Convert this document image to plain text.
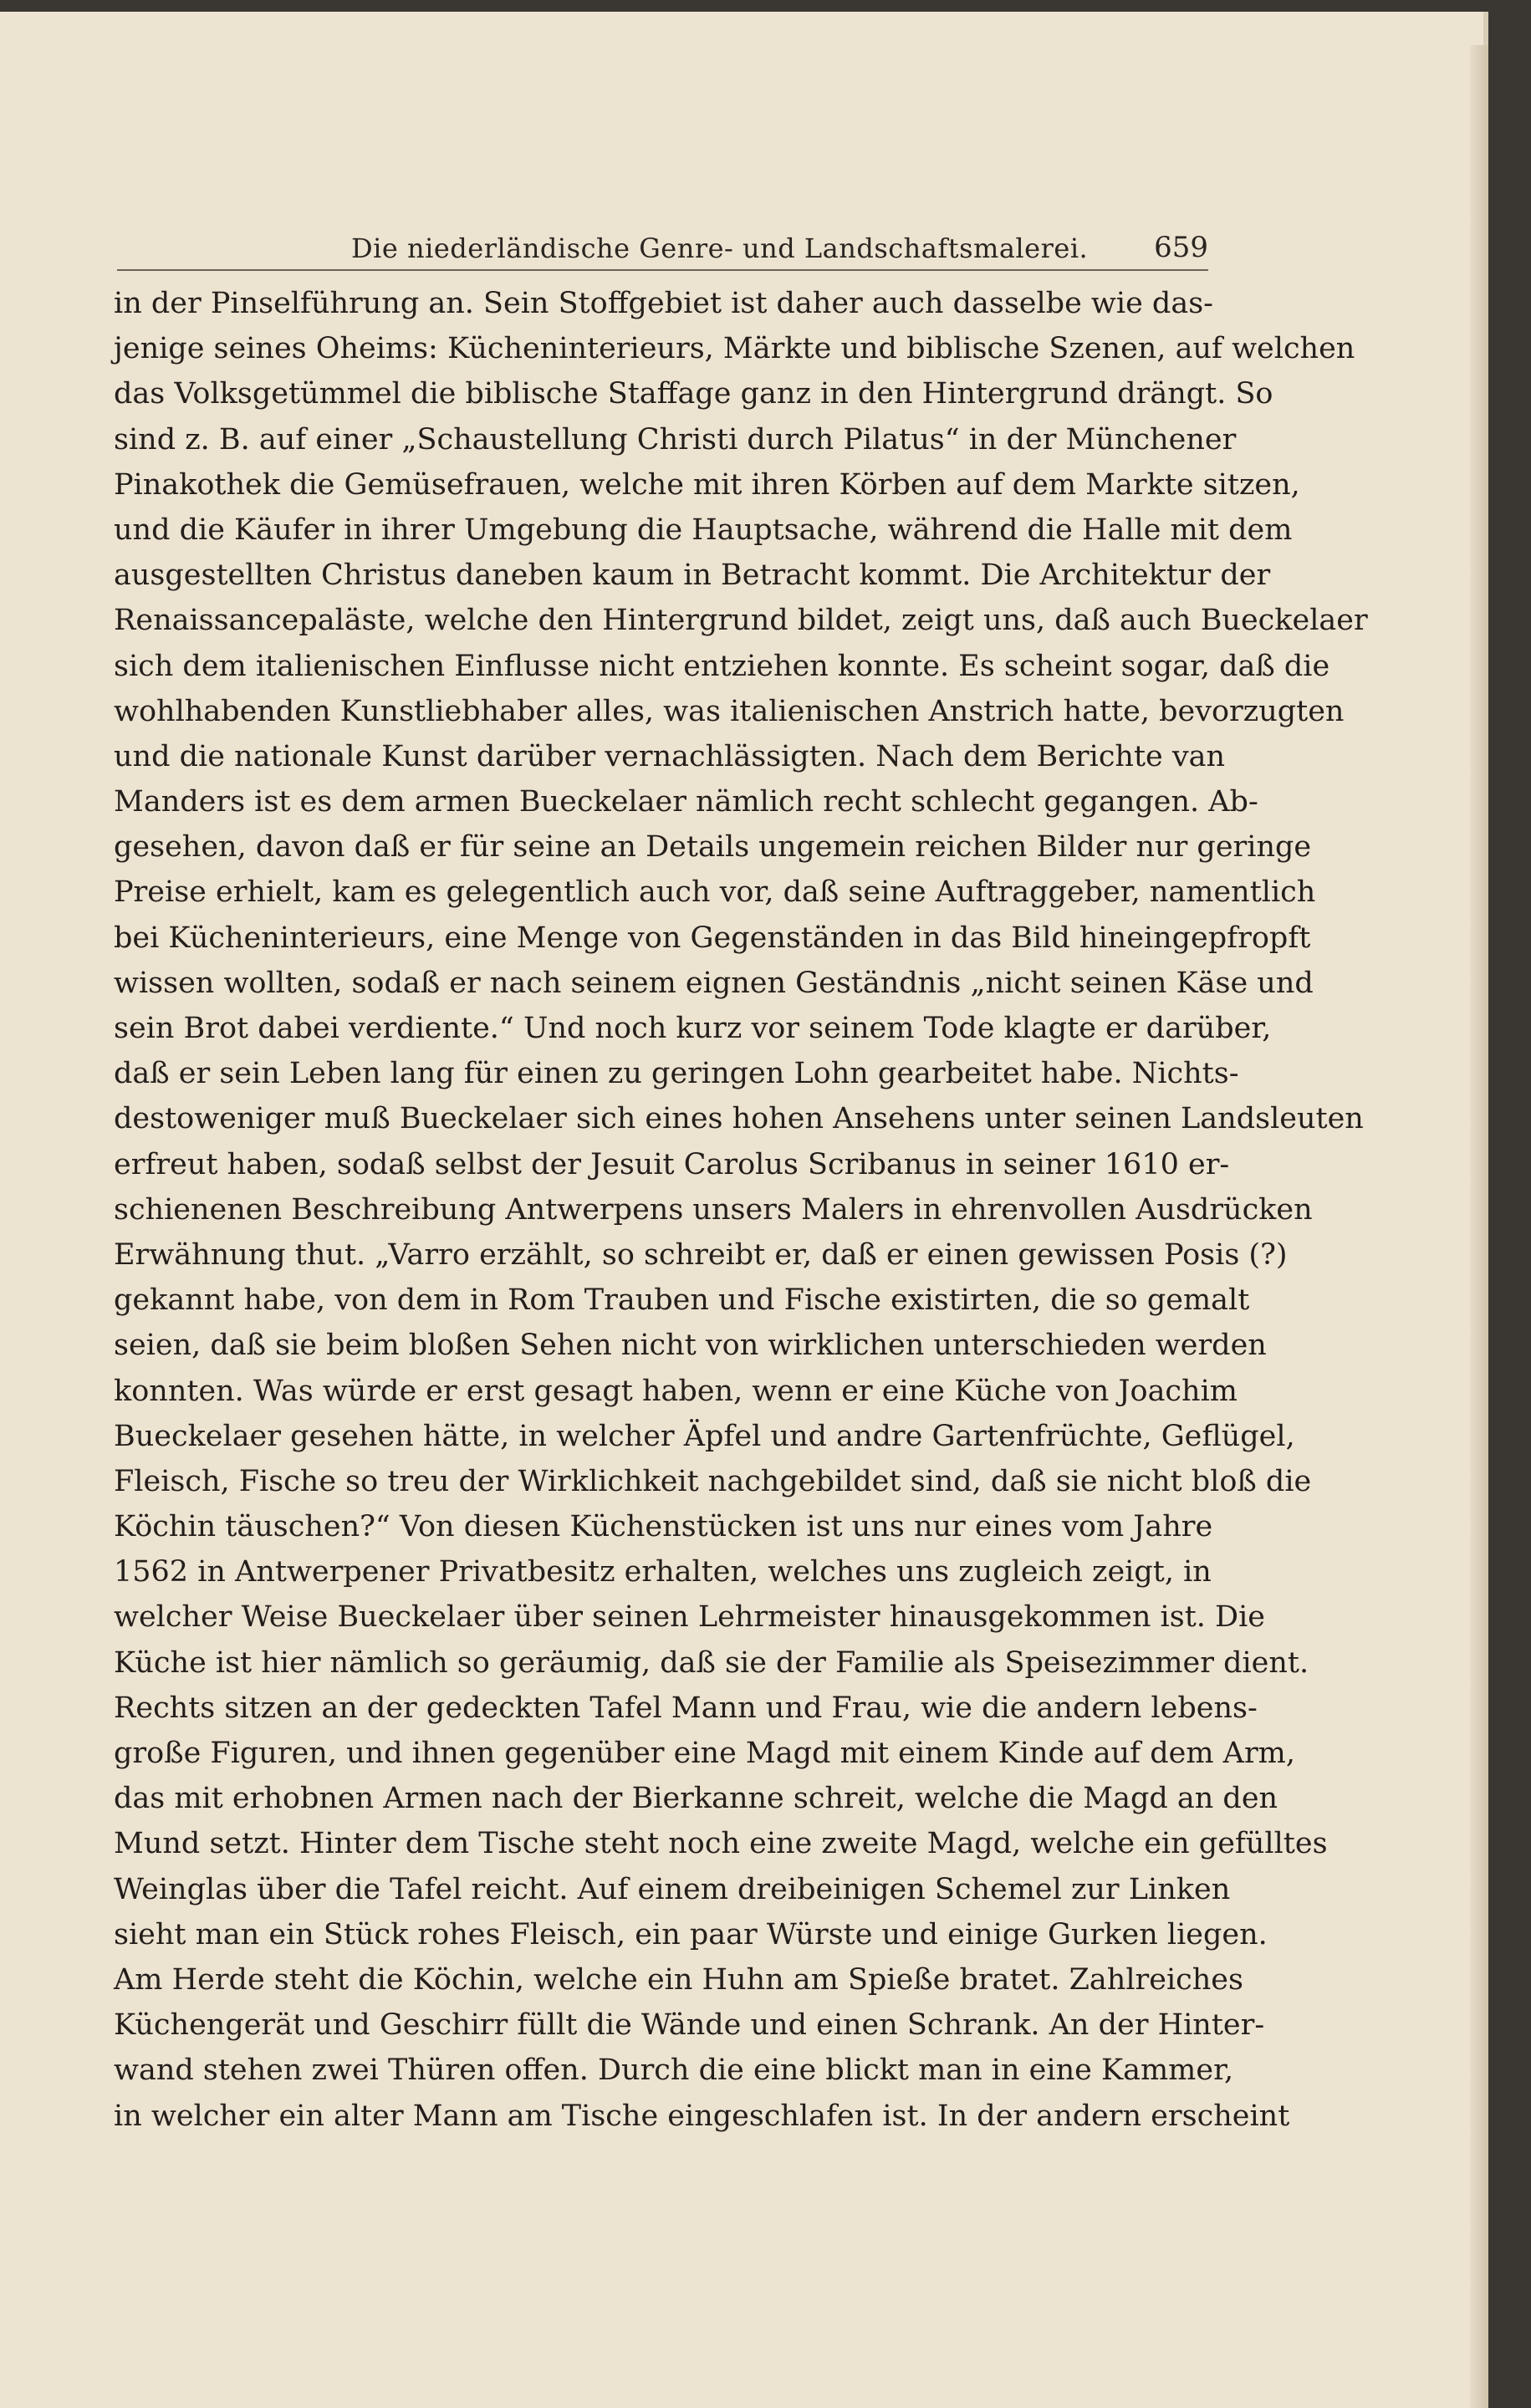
Die niederländische Genre- und Landschaftsmalerei. 659
in der Pinselführung an. Sein Stoffgebiet ist daher auch dasselbe wie das-
jenige seines Oheims: Kücheninterieurs, Märkte und biblische Szenen, auf welchen
das Volksgetümmel die biblische Staffage ganz in den Hintergrund drängt. So
sind z. B. auf einer „Schaustellung Christi durch Pilatus“ in der Münchener
Pinakothek die Gemüsefrauen, welche mit ihren Körben auf dem Markte sitzen,
und die Käufer in ihrer Umgebung die Hauptsache, während die Halle mit dem
ausgestellten Christus daneben kaum in Betracht kommt. Die Architektur der
Renaissancepaläste, welche den Hintergrund bildet, zeigt uns, daß auch Bueckelaer
sich dem italienischen Einflusse nicht entziehen konnte. Es scheint sogar, daß die
wohlhabenden Kunstliebhaber alles, was italienischen Anstrich hatte, bevorzugten
und die nationale Kunst darüber vernachlässigten. Nach dem Berichte van
Manders ist es dem armen Bueckelaer nämlich recht schlecht gegangen. Ab-
gesehen, davon daß er für seine an Details ungemein reichen Bilder nur geringe
Preise erhielt, kam es gelegentlich auch vor, daß seine Auftraggeber, namentlich
bei Kücheninterieurs, eine Menge von Gegenständen in das Bild hineingepfropft
wissen wollten, sodaß er nach seinem eignen Geständnis „nicht seinen Käse und
sein Brot dabei verdiente.“ Und noch kurz vor seinem Tode klagte er darüber,
daß er sein Leben lang für einen zu geringen Lohn gearbeitet habe. Nichts-
destoweniger muß Bueckelaer sich eines hohen Ansehens unter seinen Landsleuten
erfreut haben, sodaß selbst der Jesuit Carolus Scribanus in seiner 1610 er-
schienenen Beschreibung Antwerpens unsers Malers in ehrenvollen Ausdrücken
Erwähnung thut. „Varro erzählt, so schreibt er, daß er einen gewissen Posis (?)
gekannt habe, von dem in Rom Trauben und Fische existirten, die so gemalt
seien, daß sie beim bloßen Sehen nicht von wirklichen unterschieden werden
konnten. Was würde er erst gesagt haben, wenn er eine Küche von Joachim
Bueckelaer gesehen hätte, in welcher Äpfel und andre Gartenfrüchte, Geflügel,
Fleisch, Fische so treu der Wirklichkeit nachgebildet sind, daß sie nicht bloß die
Köchin täuschen?“ Von diesen Küchenstücken ist uns nur eines vom Jahre
1562 in Antwerpener Privatbesitz erhalten, welches uns zugleich zeigt, in
welcher Weise Bueckelaer über seinen Lehrmeister hinausgekommen ist. Die
Küche ist hier nämlich so geräumig, daß sie der Familie als Speisezimmer dient.
Rechts sitzen an der gedeckten Tafel Mann und Frau, wie die andern lebens-
große Figuren, und ihnen gegenüber eine Magd mit einem Kinde auf dem Arm,
das mit erhobnen Armen nach der Bierkanne schreit, welche die Magd an den
Mund setzt. Hinter dem Tische steht noch eine zweite Magd, welche ein gefülltes
Weinglas über die Tafel reicht. Auf einem dreibeinigen Schemel zur Linken
sieht man ein Stück rohes Fleisch, ein paar Würste und einige Gurken liegen.
Am Herde steht die Köchin, welche ein Huhn am Spieße bratet. Zahlreiches
Küchengerät und Geschirr füllt die Wände und einen Schrank. An der Hinter-
wand stehen zwei Thüren offen. Durch die eine blickt man in eine Kammer,
in welcher ein alter Mann am Tische eingeschlafen ist. In der andern erscheint
